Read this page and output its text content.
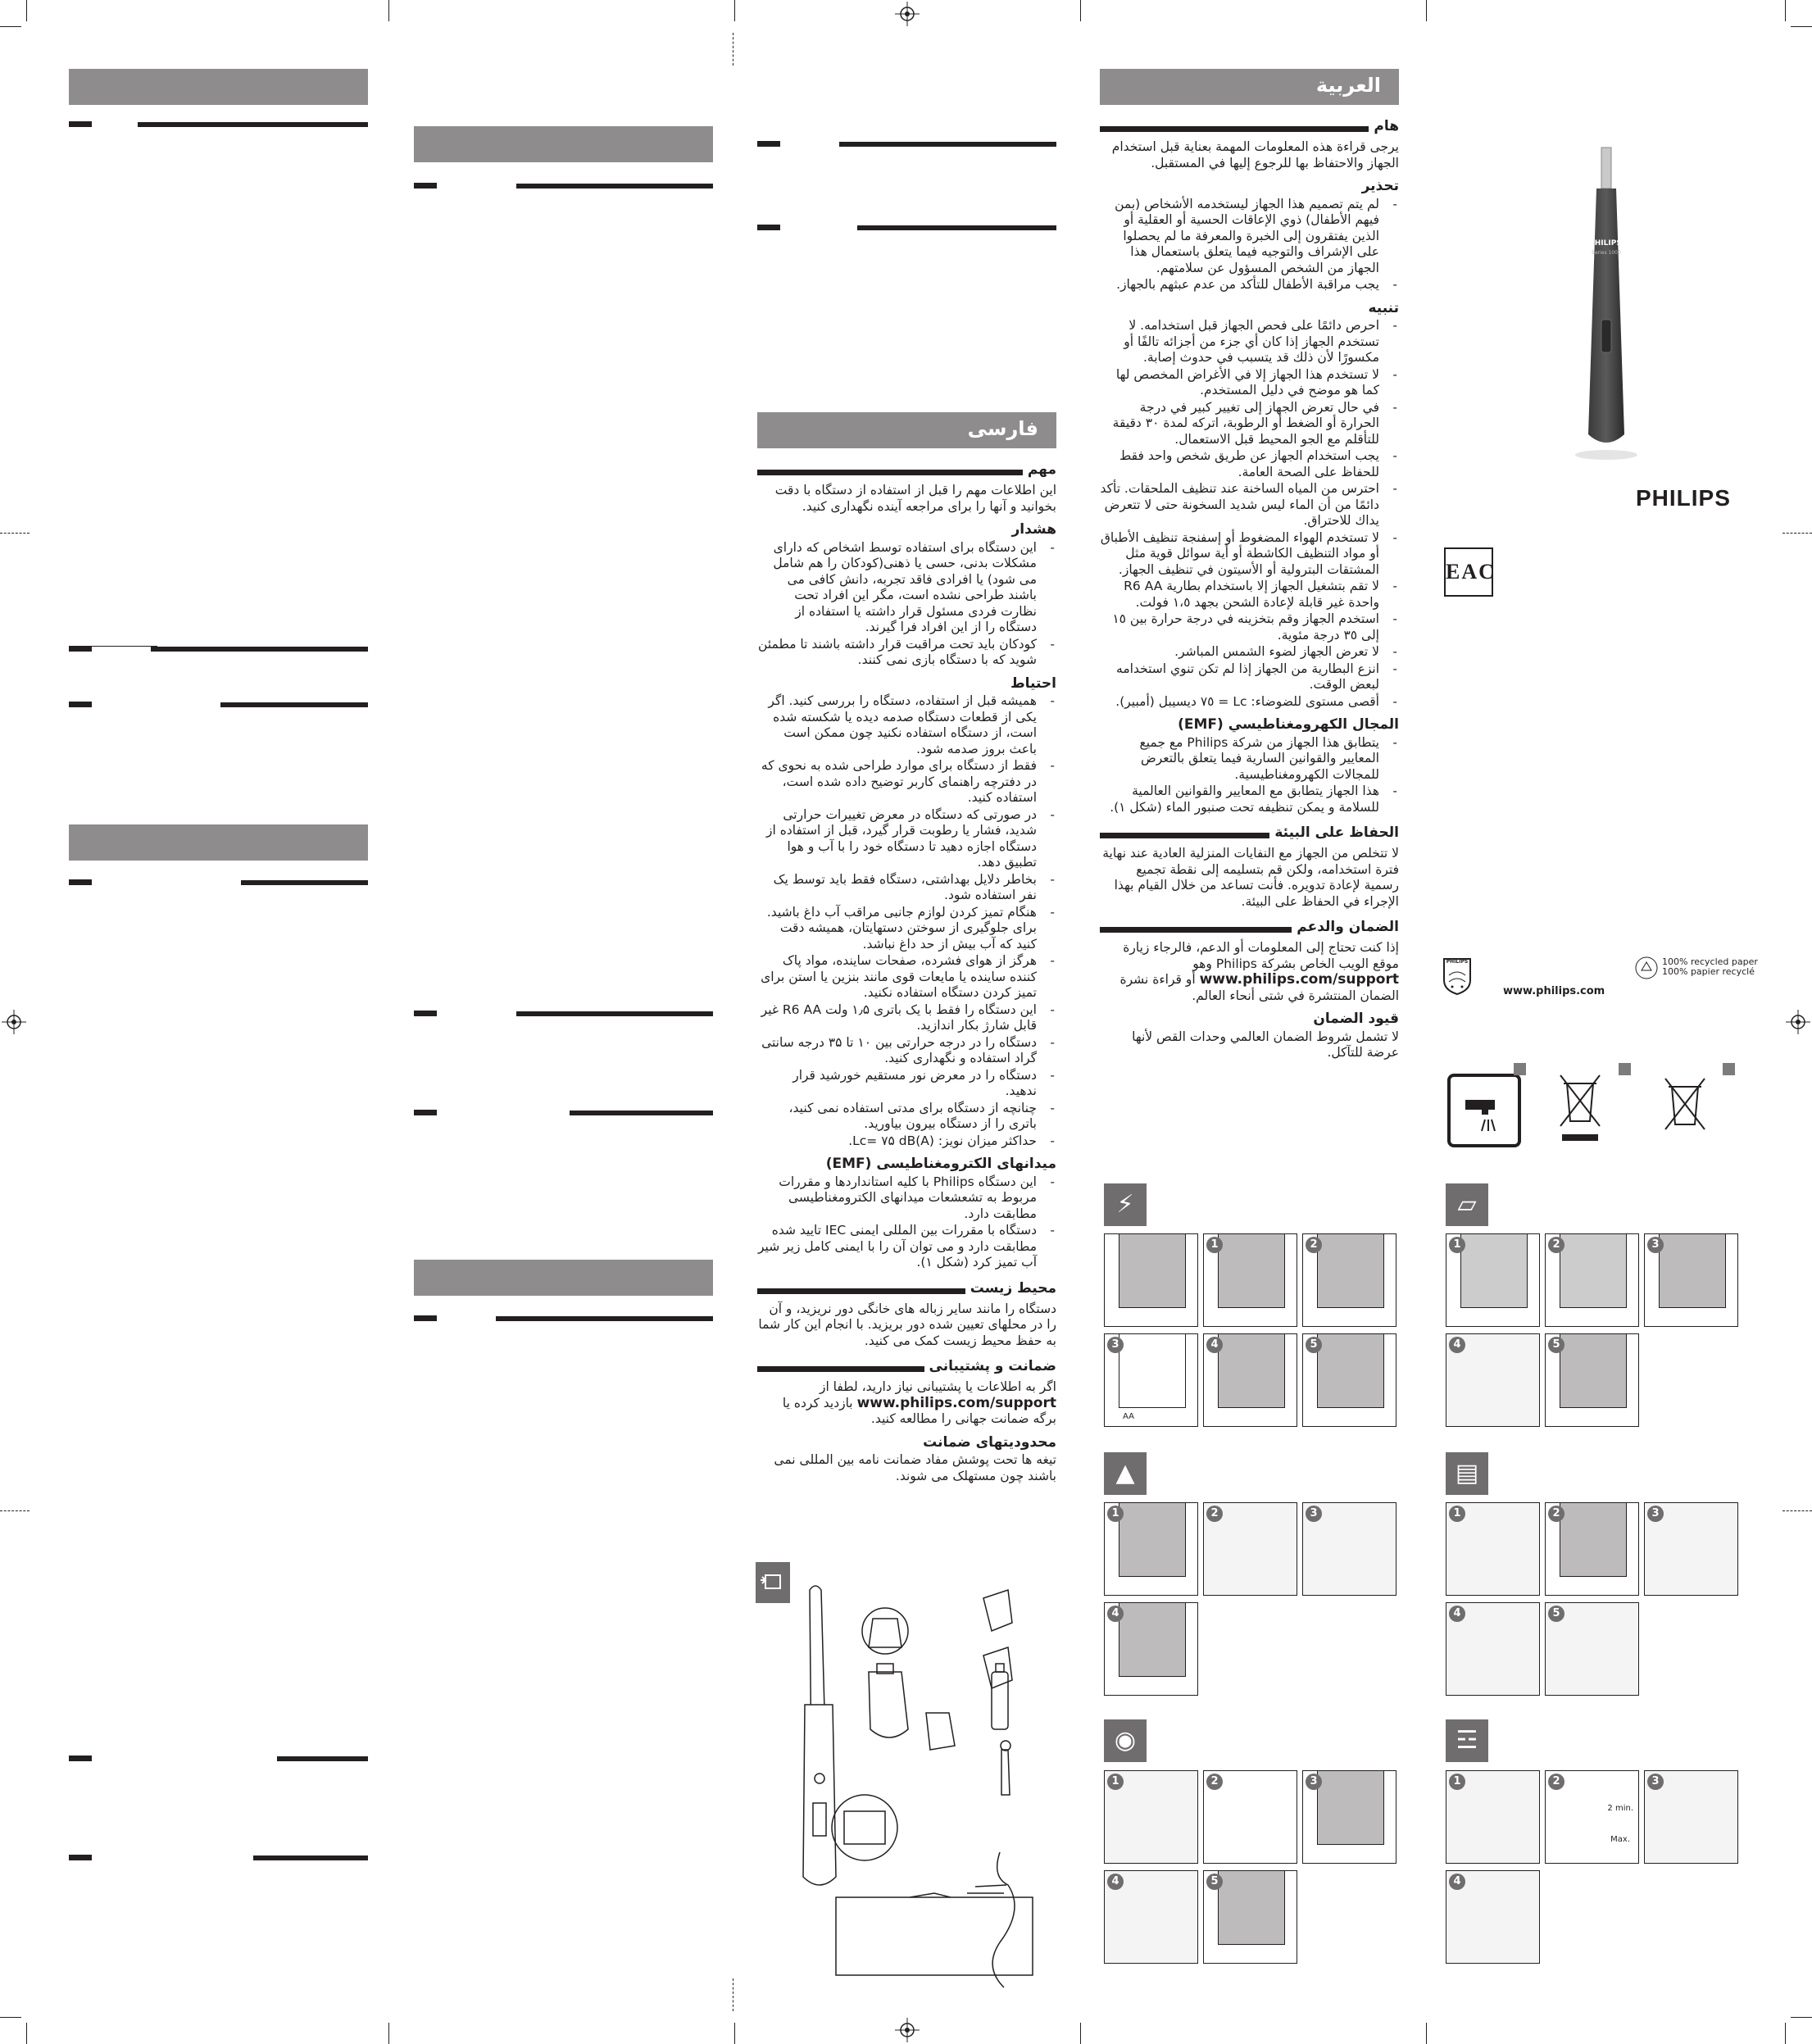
فارسی
مهم

این اطلاعات مهم را قبل از استفاده از دستگاه با دقت بخوانید و آنها را برای مراجعه آینده نگهداری کنید.

هشدار
- این دستگاه برای استفاده توسط اشخاص که دارای مشکلات بدنی، حسی یا ذهنی(کودکان را هم شامل می شود) یا افرادی فاقد تجربه، دانش کافی می باشند طراحی نشده است، مگر این افراد تحت نظارت فردی مسئول قرار داشته یا استفاده از دستگاه را از این افراد فرا گیرند.
- کودکان باید تحت مراقبت قرار داشته باشند تا مطمئن شوید که با دستگاه بازی نمی کنند.
احتیاط
- همیشه قبل از استفاده، دستگاه را بررسی کنید. اگر یکی از قطعات دستگاه صدمه دیده یا شکسته شده است، از دستگاه استفاده نکنید چون ممکن است باعث بروز صدمه شود.
- فقط از دستگاه برای موارد طراحی شده به نحوی که در دفترچه راهنمای کاربر توضیح داده شده است، استفاده کنید.
- در صورتی که دستگاه در معرض تغییرات حرارتی شدید، فشار یا رطوبت قرار گیرد، قبل از استفاده از دستگاه اجازه دهید تا دستگاه خود را با آب و هوا تطبیق دهد.
- بخاطر دلایل بهداشتی، دستگاه فقط باید توسط یک نفر استفاده شود.
- هنگام تمیز کردن لوازم جانبی مراقب آب داغ باشید. برای جلوگیری از سوختن دستهایتان، همیشه دقت کنید که آب بیش از حد داغ نباشد.
- هرگز از هوای فشرده، صفحات ساینده، مواد پاک کننده ساینده یا مایعات قوی مانند بنزین یا استن برای تمیز کردن دستگاه استفاده نکنید.
- این دستگاه را فقط با یک باتری ۱٫۵ ولت R6 AA غیر قابل شارژ بکار اندازید.
- دستگاه را در درجه حرارتی بین ۱۰ تا ۳۵ درجه سانتی گراد استفاده و نگهداری کنید.
- دستگاه را در معرض نور مستقیم خورشید قرار ندهید.
- چنانچه از دستگاه برای مدتی استفاده نمی کنید، باتری را از دستگاه بیرون بیاورید.
- حداکثر میزان نویز: Lc= ۷۵ dB(A).
میدانهای الکترومغناطیسی (EMF)
- این دستگاه Philips با کلیه استانداردها و مقررات مربوط به تشعشعات میدانهای الکترومغناطیسی مطابقت دارد.
- دستگاه با مقررات بین المللی ایمنی IEC تایید شده مطابقت دارد و می توان آن را با ایمنی کامل زیر شیر آب تمیز کرد (شکل ۱).
محیط زیست

دستگاه را مانند سایر زباله های خانگی دور نریزید، و آن را در محلهای تعیین شده دور بریزید. با انجام این کار شما به حفظ محیط زیست کمک می کنید.

ضمانت و پشتیبانی

اگر به اطلاعات یا پشتیبانی نیاز دارید، لطفا از www.philips.com/support بازدید کرده یا برگه ضمانت جهانی را مطالعه کنید.

محدودیتهای ضمانت

تیغه ها تحت پوشش مفاد ضمانت نامه بین المللی نمی باشند چون مستهلک می شوند.

العربية
هام

يرجى قراءة هذه المعلومات المهمة بعناية قبل استخدام الجهاز والاحتفاظ بها للرجوع إليها في المستقبل.

تحذير
- لم يتم تصميم هذا الجهاز ليستخدمه الأشخاص (بمن فيهم الأطفال) ذوي الإعاقات الحسية أو العقلية أو الذين يفتقرون إلى الخبرة والمعرفة ما لم يحصلوا على الإشراف والتوجيه فيما يتعلق باستعمال هذا الجهاز من الشخص المسؤول عن سلامتهم.
- يجب مراقبة الأطفال للتأكد من عدم عبثهم بالجهاز.
تنبيه
- احرص دائمًا على فحص الجهاز قبل استخدامه. لا تستخدم الجهاز إذا كان أي جزء من أجزائه تالفًا أو مكسورًا لأن ذلك قد يتسبب في حدوث إصابة.
- لا تستخدم هذا الجهاز إلا في الأغراض المخصص لها كما هو موضح في دليل المستخدم.
- في حال تعرض الجهاز إلى تغيير كبير في درجة الحرارة أو الضغط أو الرطوبة، اتركه لمدة ٣٠ دقيقة للتأقلم مع الجو المحيط قبل الاستعمال.
- يجب استخدام الجهاز عن طريق شخص واحد فقط للحفاظ على الصحة العامة.
- احترس من المياه الساخنة عند تنظيف الملحقات. تأكد دائمًا من أن الماء ليس شديد السخونة حتى لا تتعرض يداك للاحتراق.
- لا تستخدم الهواء المضغوط أو إسفنجة تنظيف الأطباق أو مواد التنظيف الكاشطة أو أية سوائل قوية مثل المشتقات البترولية أو الأسيتون في تنظيف الجهاز.
- لا تقم بتشغيل الجهاز إلا باستخدام بطارية R6 AA واحدة غير قابلة لإعادة الشحن بجهد ١،٥ فولت.
- استخدم الجهاز وقم بتخزينه في درجة حرارة بين ١٥ إلى ٣٥ درجة مئوية.
- لا تعرض الجهاز لضوء الشمس المباشر.
- انزع البطارية من الجهاز إذا لم تكن تنوي استخدامه لبعض الوقت.
- أقصى مستوى للضوضاء: Lc = ٧٥ ديسيبل (أمبير).
المجال الكهرومغناطيسي (EMF)
- يتطابق هذا الجهاز من شركة Philips مع جميع المعايير والقوانين السارية فيما يتعلق بالتعرض للمجالات الكهرومغناطيسية.
- هذا الجهاز يتطابق مع المعايير والقوانين العالمية للسلامة و يمكن تنظيفه تحت صنبور الماء (شكل ١).
الحفاظ على البيئة

لا تتخلص من الجهاز مع النفايات المنزلية العادية عند نهاية فترة استخدامه، ولكن قم بتسليمه إلى نقطة تجميع رسمية لإعادة تدويره. فأنت تساعد من خلال القيام بهذا الإجراء في الحفاظ على البيئة.

الضمان والدعم

إذا كنت تحتاج إلى المعلومات أو الدعم، فالرجاء زيارة موقع الويب الخاص بشركة Philips وهو www.philips.com/support أو قراءة نشرة الضمان المنتشرة في شتى أنحاء العالم.

قيود الضمان

لا تشمل شروط الضمان العالمي وحدات القص لأنها عرضة للتآكل.

PHILIPS
Series 1000
PHILIPS
EAC
PHILIPS
www.philips.com
100% recycled paper
100% papier recyclé
⚡
1	2
3
AA
4	5
▱
1	2	3
4	5
▲
1	2	3
4
▤
1	2	3
4	5
◉
1	2	3
4	5
☲
1	2
2 min.
Max.
3
4
